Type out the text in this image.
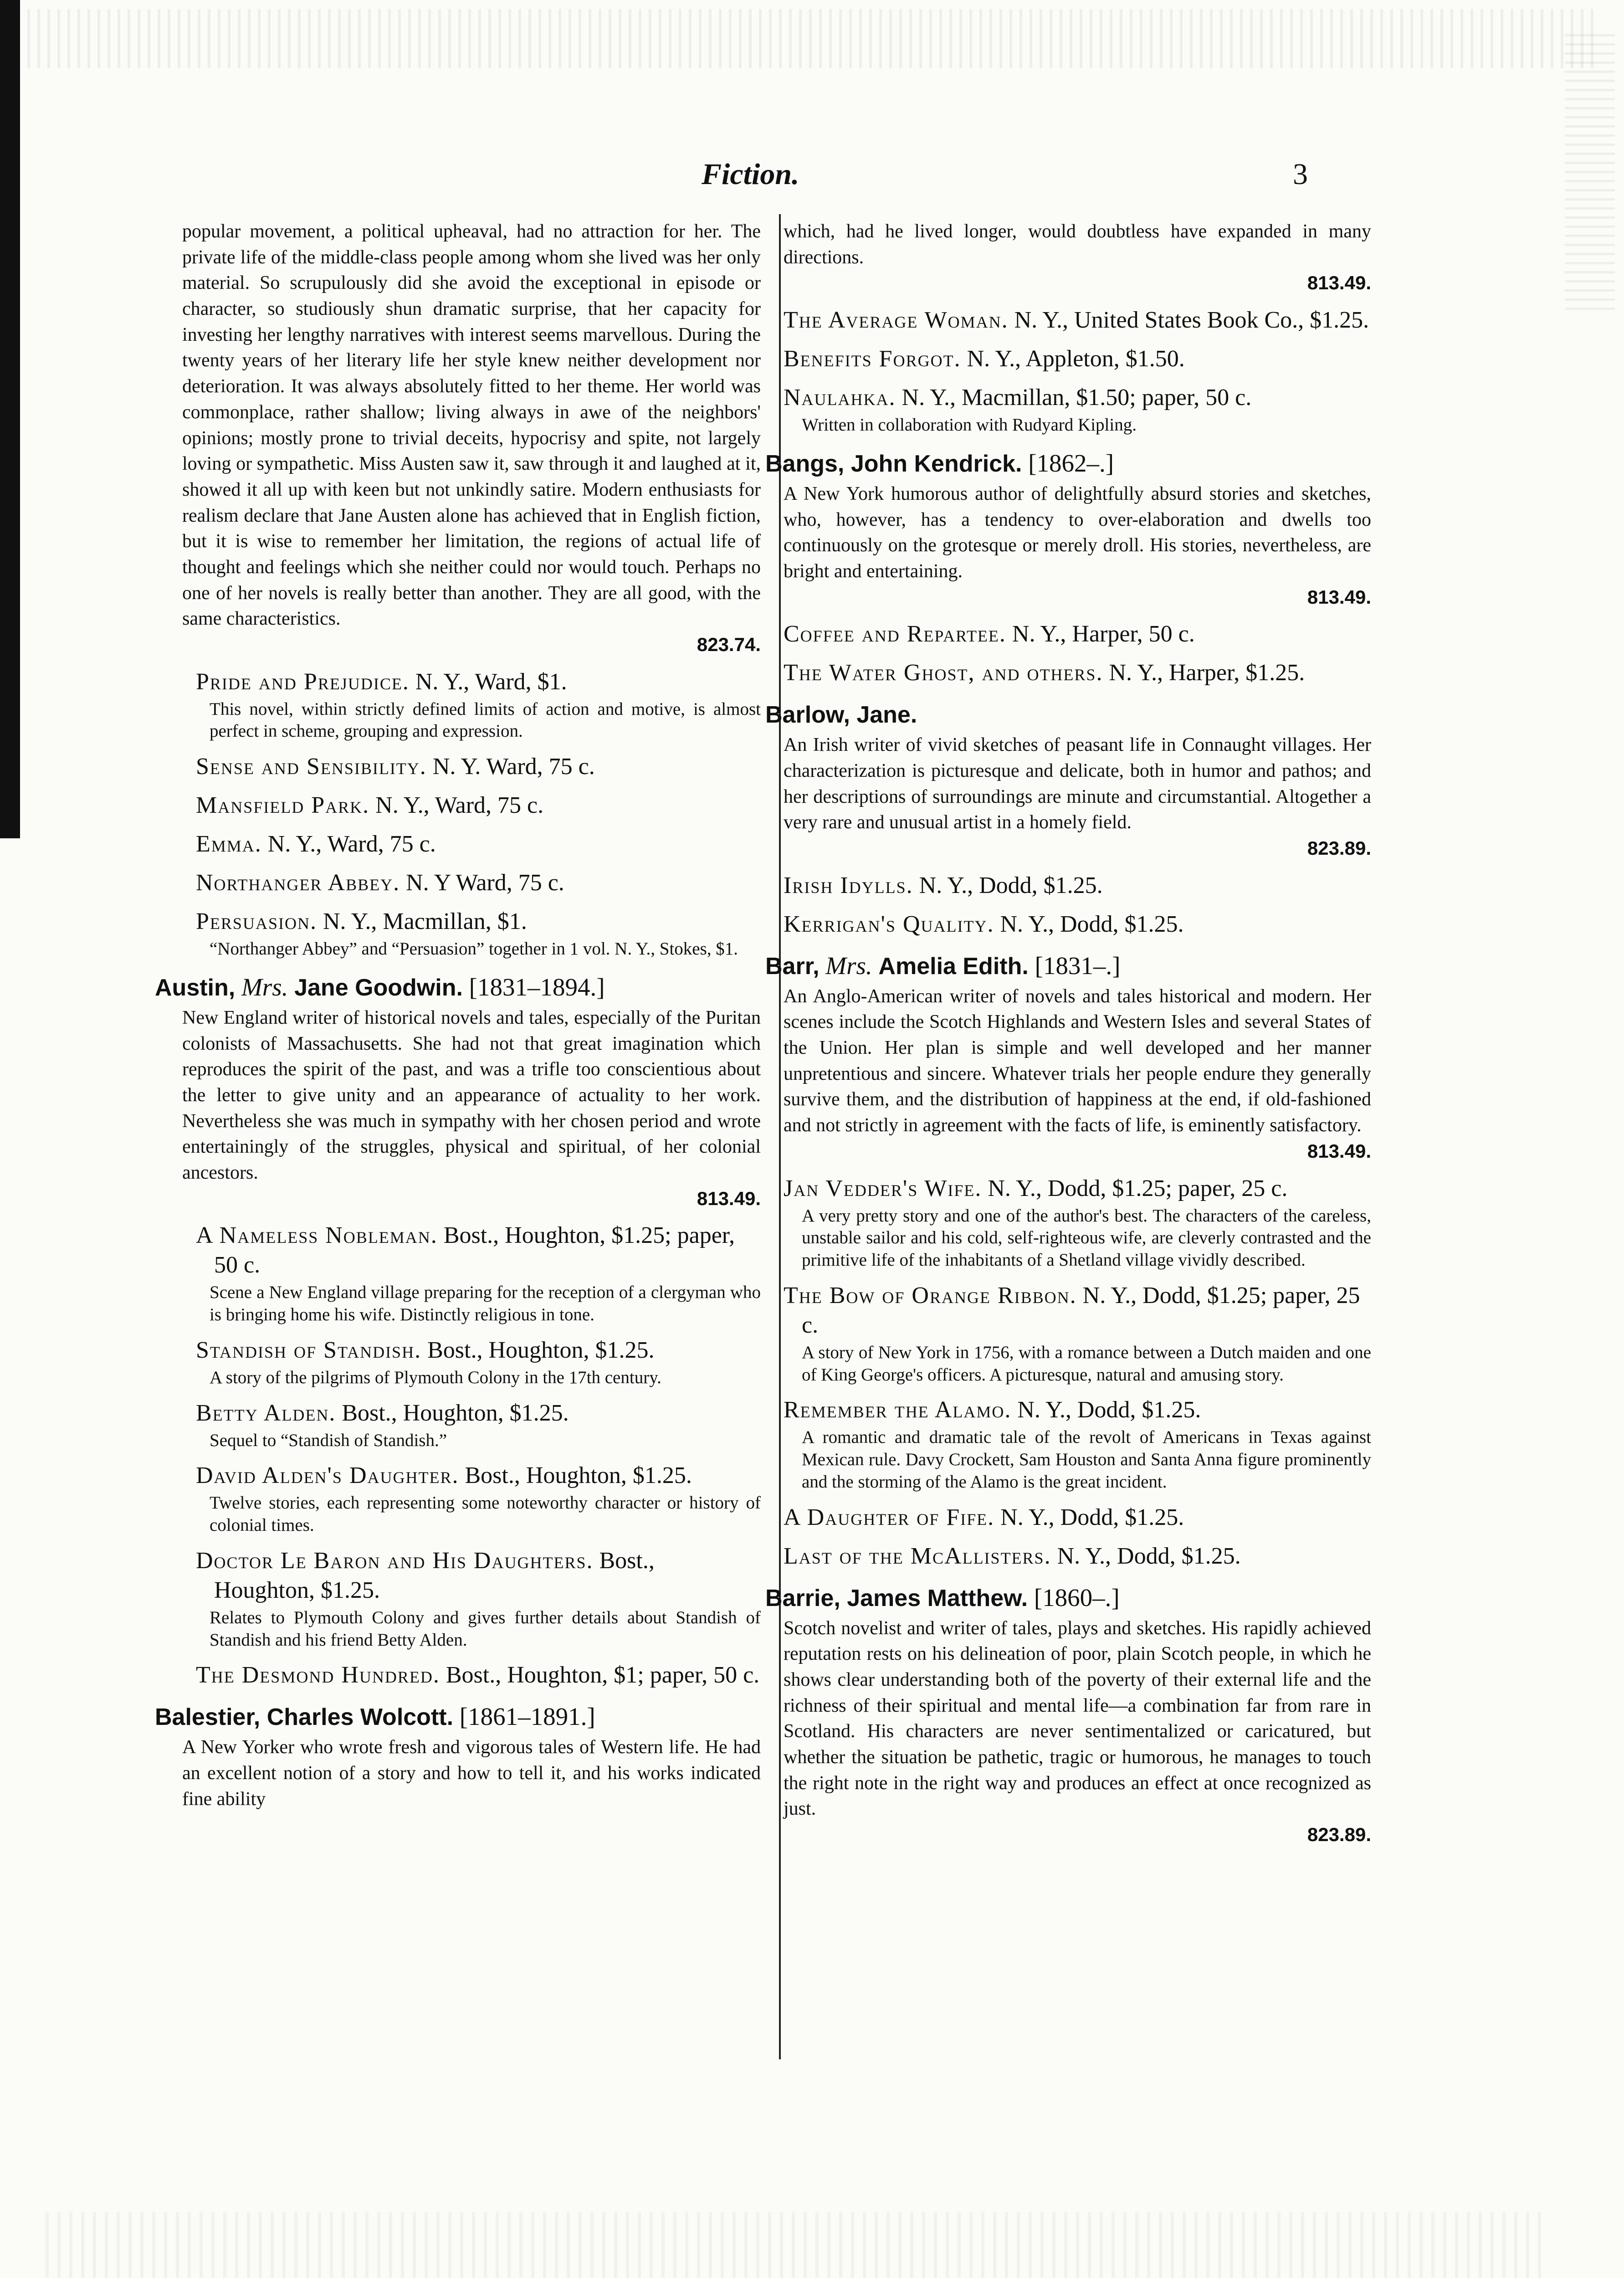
Fiction.	3

popular movement, a political upheaval, had no attraction for her. The private life of the middle-class people among whom she lived was her only material. So scrupulously did she avoid the exceptional in episode or character, so studiously shun dramatic surprise, that her capacity for investing her lengthy narratives with interest seems marvellous. During the twenty years of her literary life her style knew neither development nor deterioration. It was always absolutely fitted to her theme. Her world was commonplace, rather shallow; living always in awe of the neighbors' opinions; mostly prone to trivial deceits, hypocrisy and spite, not largely loving or sympathetic. Miss Austen saw it, saw through it and laughed at it, showed it all up with keen but not unkindly satire. Modern enthusiasts for realism declare that Jane Austen alone has achieved that in English fiction, but it is wise to remember her limitation, the regions of actual life of thought and feelings which she neither could nor would touch. Perhaps no one of her novels is really better than another. They are all good, with the same characteristics.
823.74.

Pride and Prejudice. N. Y., Ward, $1.
This novel, within strictly defined limits of action and motive, is almost perfect in scheme, grouping and expression.
Sense and Sensibility. N. Y. Ward, 75 c.
Mansfield Park. N. Y., Ward, 75 c.
Emma. N. Y., Ward, 75 c.
Northanger Abbey. N. Y Ward, 75 c.
Persuasion. N. Y., Macmillan, $1.
“Northanger Abbey” and “Persuasion” together in 1 vol. N. Y., Stokes, $1.
Austin, Mrs. Jane Goodwin. [1831–1894.]

New England writer of historical novels and tales, especially of the Puritan colonists of Massachusetts. She had not that great imagination which reproduces the spirit of the past, and was a trifle too conscientious about the letter to give unity and an appearance of actuality to her work. Nevertheless she was much in sympathy with her chosen period and wrote entertainingly of the struggles, physical and spiritual, of her colonial ancestors.
813.49.

A Nameless Nobleman. Bost., Houghton, $1.25; paper, 50 c.
Scene a New England village preparing for the reception of a clergyman who is bringing home his wife. Distinctly religious in tone.
Standish of Standish. Bost., Houghton, $1.25.
A story of the pilgrims of Plymouth Colony in the 17th century.
Betty Alden. Bost., Houghton, $1.25.
Sequel to “Standish of Standish.”
David Alden's Daughter. Bost., Houghton, $1.25.
Twelve stories, each representing some noteworthy character or history of colonial times.
Doctor Le Baron and His Daughters. Bost., Houghton, $1.25.
Relates to Plymouth Colony and gives further details about Standish of Standish and his friend Betty Alden.
The Desmond Hundred. Bost., Houghton, $1; paper, 50 c.
Balestier, Charles Wolcott. [1861–1891.]

A New Yorker who wrote fresh and vigorous tales of Western life. He had an excellent notion of a story and how to tell it, and his works indicated fine ability

which, had he lived longer, would doubtless have expanded in many directions.
813.49.

The Average Woman. N. Y., United States Book Co., $1.25.
Benefits Forgot. N. Y., Appleton, $1.50.
Naulahka. N. Y., Macmillan, $1.50; paper, 50 c.
Written in collaboration with Rudyard Kipling.
Bangs, John Kendrick. [1862–.]

A New York humorous author of delightfully absurd stories and sketches, who, however, has a tendency to over-elaboration and dwells too continuously on the grotesque or merely droll. His stories, nevertheless, are bright and entertaining.
813.49.

Coffee and Repartee. N. Y., Harper, 50 c.
The Water Ghost, and others. N. Y., Harper, $1.25.
Barlow, Jane.

An Irish writer of vivid sketches of peasant life in Connaught villages. Her characterization is picturesque and delicate, both in humor and pathos; and her descriptions of surroundings are minute and circumstantial. Altogether a very rare and unusual artist in a homely field.
823.89.

Irish Idylls. N. Y., Dodd, $1.25.
Kerrigan's Quality. N. Y., Dodd, $1.25.
Barr, Mrs. Amelia Edith. [1831–.]

An Anglo-American writer of novels and tales historical and modern. Her scenes include the Scotch Highlands and Western Isles and several States of the Union. Her plan is simple and well developed and her manner unpretentious and sincere. Whatever trials her people endure they generally survive them, and the distribution of happiness at the end, if old-fashioned and not strictly in agreement with the facts of life, is eminently satisfactory.
813.49.

Jan Vedder's Wife. N. Y., Dodd, $1.25; paper, 25 c.
A very pretty story and one of the author's best. The characters of the careless, unstable sailor and his cold, self-righteous wife, are cleverly contrasted and the primitive life of the inhabitants of a Shetland village vividly described.
The Bow of Orange Ribbon. N. Y., Dodd, $1.25; paper, 25 c.
A story of New York in 1756, with a romance between a Dutch maiden and one of King George's officers. A picturesque, natural and amusing story.
Remember the Alamo. N. Y., Dodd, $1.25.
A romantic and dramatic tale of the revolt of Americans in Texas against Mexican rule. Davy Crockett, Sam Houston and Santa Anna figure prominently and the storming of the Alamo is the great incident.
A Daughter of Fife. N. Y., Dodd, $1.25.
Last of the McAllisters. N. Y., Dodd, $1.25.
Barrie, James Matthew. [1860–.]

Scotch novelist and writer of tales, plays and sketches. His rapidly achieved reputation rests on his delineation of poor, plain Scotch people, in which he shows clear understanding both of the poverty of their external life and the richness of their spiritual and mental life—a combination far from rare in Scotland. His characters are never sentimentalized or caricatured, but whether the situation be pathetic, tragic or humorous, he manages to touch the right note in the right way and produces an effect at once recognized as just.
823.89.
